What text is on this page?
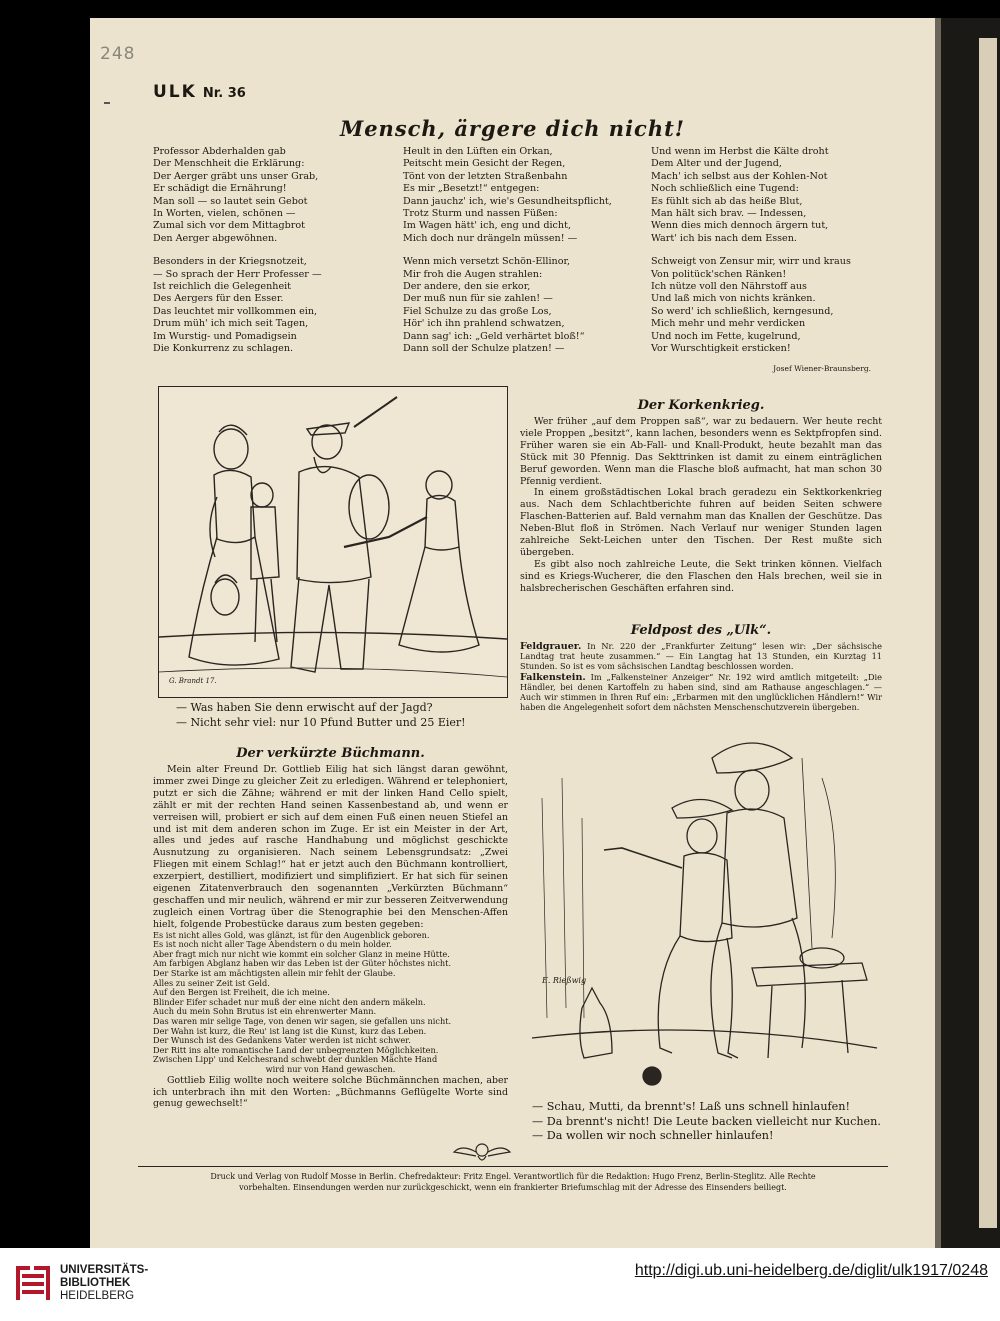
248
ULK Nr. 36
Mensch, ärgere dich nicht!
Professor Abderhalden gab
Der Menschheit die Erklärung:
Der Aerger gräbt uns unser Grab,
Er schädigt die Ernährung!
Man soll — so lautet sein Gebot
In Worten, vielen, schönen —
Zumal sich vor dem Mittagbrot
Den Aerger abgewöhnen.
Besonders in der Kriegsnotzeit,
— So sprach der Herr Professer —
Ist reichlich die Gelegenheit
Des Aergers für den Esser.
Das leuchtet mir vollkommen ein,
Drum müh' ich mich seit Tagen,
Im Wurstig- und Pomadigsein
Die Konkurrenz zu schlagen.
Heult in den Lüften ein Orkan,
Peitscht mein Gesicht der Regen,
Tönt von der letzten Straßenbahn
Es mir „Besetzt!“ entgegen:
Dann jauchz' ich, wie's Gesundheitspflicht,
Trotz Sturm und nassen Füßen:
Im Wagen hätt' ich, eng und dicht,
Mich doch nur drängeln müssen! —
Wenn mich versetzt Schön-Ellinor,
Mir froh die Augen strahlen:
Der andere, den sie erkor,
Der muß nun für sie zahlen! —
Fiel Schulze zu das große Los,
Hör' ich ihn prahlend schwatzen,
Dann sag' ich: „Geld verhärtet bloß!“
Dann soll der Schulze platzen! —
Und wenn im Herbst die Kälte droht
Dem Alter und der Jugend,
Mach' ich selbst aus der Kohlen-Not
Noch schließlich eine Tugend:
Es fühlt sich ab das heiße Blut,
Man hält sich brav. — Indessen,
Wenn dies mich dennoch ärgern tut,
Wart' ich bis nach dem Essen.
Schweigt von Zensur mir, wirr und kraus
Von politück'schen Ränken!
Ich nütze voll den Nährstoff aus
Und laß mich von nichts kränken.
So werd' ich schließlich, kerngesund,
Mich mehr und mehr verdicken
Und noch im Fette, kugelrund,
Vor Wurschtigkeit ersticken!
Josef Wiener-Braunsberg.
G. Brandt 17.
— Was haben Sie denn erwischt auf der Jagd?
— Nicht sehr viel: nur 10 Pfund Butter und 25 Eier!
Der Korkenkrieg.

Wer früher „auf dem Proppen saß“, war zu bedauern. Wer heute recht viele Proppen „besitzt“, kann lachen, besonders wenn es Sektpfropfen sind. Früher waren sie ein Ab-Fall- und Knall-Produkt, heute bezahlt man das Stück mit 30 Pfennig. Das Sekttrinken ist damit zu einem einträglichen Beruf geworden. Wenn man die Flasche bloß aufmacht, hat man schon 30 Pfennig verdient.

In einem großstädtischen Lokal brach geradezu ein Sektkorkenkrieg aus. Nach dem Schlachtberichte fuhren auf beiden Seiten schwere Flaschen-Batterien auf. Bald vernahm man das Knallen der Geschütze. Das Neben-Blut floß in Strömen. Nach Verlauf nur weniger Stunden lagen zahlreiche Sekt-Leichen unter den Tischen. Der Rest mußte sich übergeben.

Es gibt also noch zahlreiche Leute, die Sekt trinken können. Vielfach sind es Kriegs-Wucherer, die den Flaschen den Hals brechen, weil sie in halsbrecherischen Geschäften erfahren sind.

Feldpost des „Ulk“.

Feldgrauer. In Nr. 220 der „Frankfurter Zeitung“ lesen wir: „Der sächsische Landtag trat heute zusammen.“ — Ein Langtag hat 13 Stunden, ein Kurztag 11 Stunden. So ist es vom sächsischen Landtag beschlossen worden.

Falkenstein. Im „Falkensteiner Anzeiger“ Nr. 192 wird amtlich mitgeteilt: „Die Händler, bei denen Kartoffeln zu haben sind, sind am Rathause angeschlagen.“ — Auch wir stimmen in Ihren Ruf ein: „Erbarmen mit den unglücklichen Händlern!“ Wir haben die Angelegenheit sofort dem nächsten Menschenschutzverein übergeben.

Der verkürzte Büchmann.

Mein alter Freund Dr. Gottlieb Eilig hat sich längst daran gewöhnt, immer zwei Dinge zu gleicher Zeit zu erledigen. Während er telephoniert, putzt er sich die Zähne; während er mit der linken Hand Cello spielt, zählt er mit der rechten Hand seinen Kassenbestand ab, und wenn er verreisen will, probiert er sich auf dem einen Fuß einen neuen Stiefel an und ist mit dem anderen schon im Zuge. Er ist ein Meister in der Art, alles und jedes auf rasche Handhabung und möglichst geschickte Ausnutzung zu organisieren. Nach seinem Lebensgrundsatz: „Zwei Fliegen mit einem Schlag!“ hat er jetzt auch den Büchmann kontrolliert, exzerpiert, destilliert, modifiziert und simplifiziert. Er hat sich für seinen eigenen Zitatenverbrauch den sogenannten „Verkürzten Büchmann“ geschaffen und mir neulich, während er mir zur besseren Zeitverwendung zugleich einen Vortrag über die Stenographie bei den Menschen-Affen hielt, folgende Probestücke daraus zum besten gegeben:

Es ist nicht alles Gold, was glänzt, ist für den Augenblick geboren.
Es ist noch nicht aller Tage Abendstern o du mein holder.
Aber fragt mich nur nicht wie kommt ein solcher Glanz in meine Hütte.
Am farbigen Abglanz haben wir das Leben ist der Güter höchstes nicht.
Der Starke ist am mächtigsten allein mir fehlt der Glaube.
Alles zu seiner Zeit ist Geld.
Auf den Bergen ist Freiheit, die ich meine.
Blinder Eifer schadet nur muß der eine nicht den andern mäkeln.
Auch du mein Sohn Brutus ist ein ehrenwerter Mann.
Das waren mir selige Tage, von denen wir sagen, sie gefallen uns nicht.
Der Wahn ist kurz, die Reu' ist lang ist die Kunst, kurz das Leben.
Der Wunsch ist des Gedankens Vater werden ist nicht schwer.
Der Ritt ins alte romantische Land der unbegrenzten Möglichkeiten.
Zwischen Lipp' und Kelchesrand schwebt der dunklen Mächte Hand
wird nur von Hand gewaschen.

Gottlieb Eilig wollte noch weitere solche Büchmännchen machen, aber ich unterbrach ihn mit den Worten: „Büchmanns Geflügelte Worte sind genug gewechselt!“

E. Rießwig
— Schau, Mutti, da brennt's! Laß uns schnell hinlaufen!
— Da brennt's nicht! Die Leute backen vielleicht nur Kuchen.
— Da wollen wir noch schneller hinlaufen!
Druck und Verlag von Rudolf Mosse in Berlin. Chefredakteur: Fritz Engel. Verantwortlich für die Redaktion: Hugo Frenz, Berlin-Steglitz. Alle Rechte
vorbehalten. Einsendungen werden nur zurückgeschickt, wenn ein frankierter Briefumschlag mit der Adresse des Einsenders beiliegt.
UNIVERSITÄTS-
BIBLIOTHEK
HEIDELBERG
http://digi.ub.uni-heidelberg.de/diglit/ulk1917/0248
